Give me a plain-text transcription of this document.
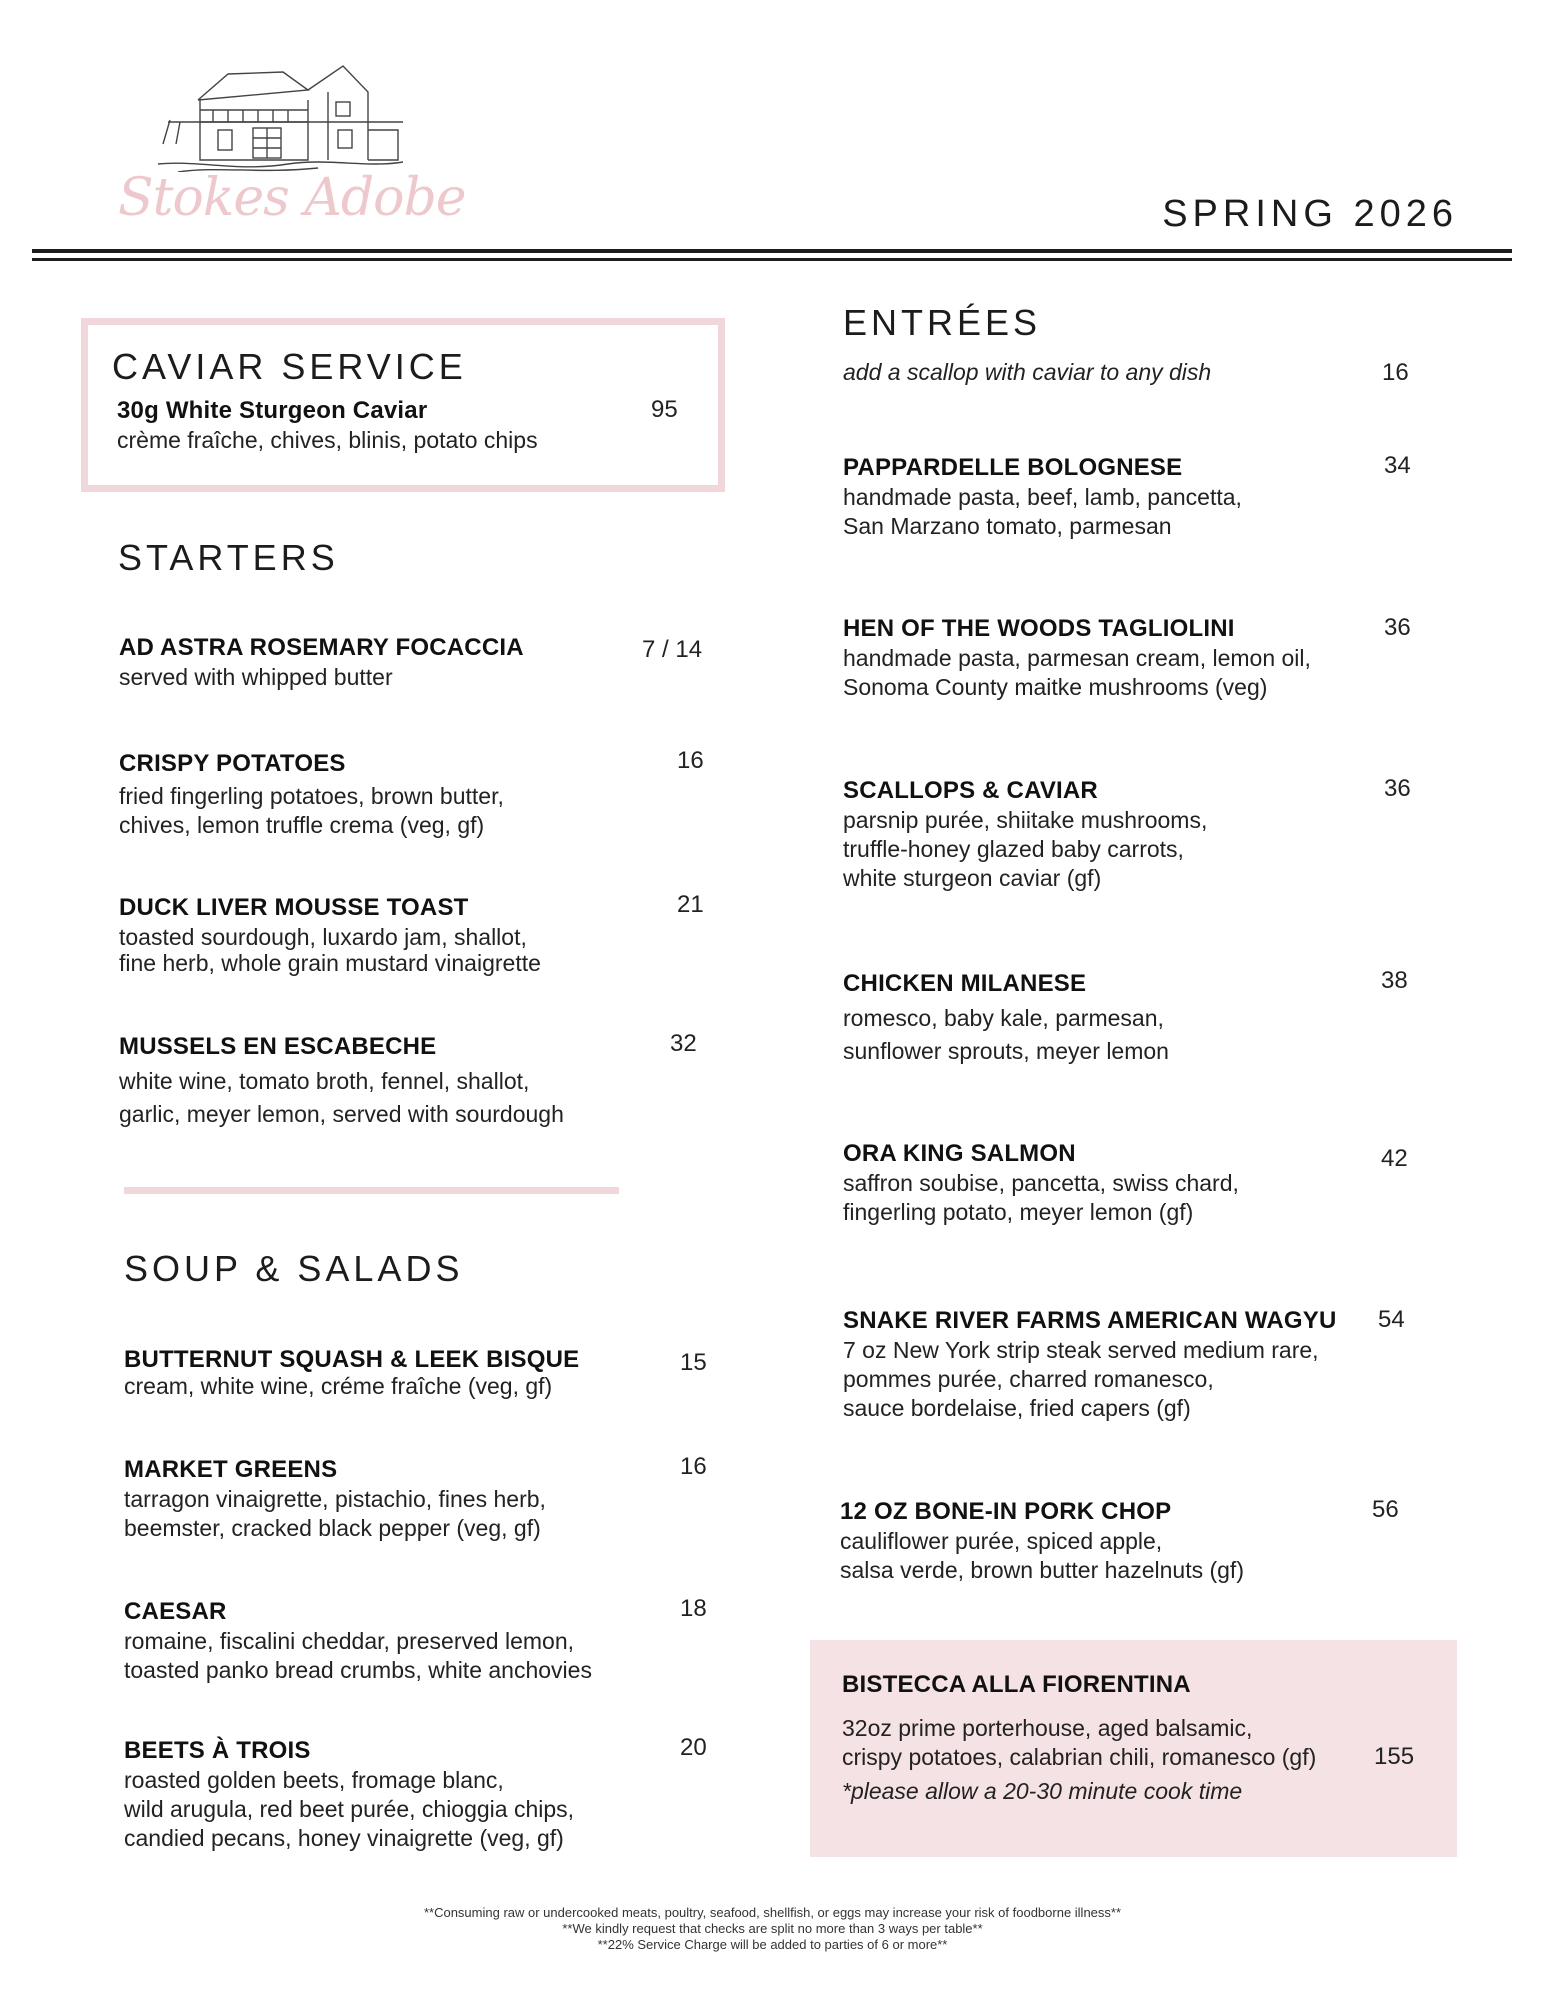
Stokes Adobe	SPRING 2026
CAVIAR SERVICE
30g White Sturgeon Caviar
crème fraîche, chives, blinis, potato chips
95
STARTERS
AD ASTRA ROSEMARY FOCACCIA
served with whipped butter
7 / 14
CRISPY POTATOES
fried fingerling potatoes, brown butter,
chives, lemon truffle crema (veg, gf)
16
DUCK LIVER MOUSSE TOAST
toasted sourdough, luxardo jam, shallot,
fine herb, whole grain mustard vinaigrette
21
MUSSELS EN ESCABECHE
white wine, tomato broth, fennel, shallot,
garlic, meyer lemon, served with sourdough
32
SOUP & SALADS
BUTTERNUT SQUASH & LEEK BISQUE
cream, white wine, créme fraîche (veg, gf)
15
MARKET GREENS
tarragon vinaigrette, pistachio, fines herb,
beemster, cracked black pepper (veg, gf)
16
CAESAR
romaine, fiscalini cheddar, preserved lemon,
toasted panko bread crumbs, white anchovies
18
BEETS À TROIS
roasted golden beets, fromage blanc,
wild arugula, red beet purée, chioggia chips,
candied pecans, honey vinaigrette (veg, gf)
20
ENTRÉES
add a scallop with caviar to any dish	16
PAPPARDELLE BOLOGNESE
handmade pasta, beef, lamb, pancetta,
San Marzano tomato, parmesan
34
HEN OF THE WOODS TAGLIOLINI
handmade pasta, parmesan cream, lemon oil,
Sonoma County maitke mushrooms (veg)
36
SCALLOPS & CAVIAR
parsnip purée, shiitake mushrooms,
truffle-honey glazed baby carrots,
white sturgeon caviar (gf)
36
CHICKEN MILANESE
romesco, baby kale, parmesan,
sunflower sprouts, meyer lemon
38
ORA KING SALMON
saffron soubise, pancetta, swiss chard,
fingerling potato, meyer lemon (gf)
42
SNAKE RIVER FARMS AMERICAN WAGYU
7 oz New York strip steak served medium rare,
pommes purée, charred romanesco,
sauce bordelaise, fried capers (gf)
54
12 OZ BONE-IN PORK CHOP
cauliflower purée, spiced apple,
salsa verde, brown butter hazelnuts (gf)
56
BISTECCA ALLA FIORENTINA
32oz prime porterhouse, aged balsamic,
crispy potatoes, calabrian chili, romanesco (gf)
*please allow a 20-30 minute cook time
155
**Consuming raw or undercooked meats, poultry, seafood, shellfish, or eggs may increase your risk of foodborne illness**
**We kindly request that checks are split no more than 3 ways per table**
**22% Service Charge will be added to parties of 6 or more**
